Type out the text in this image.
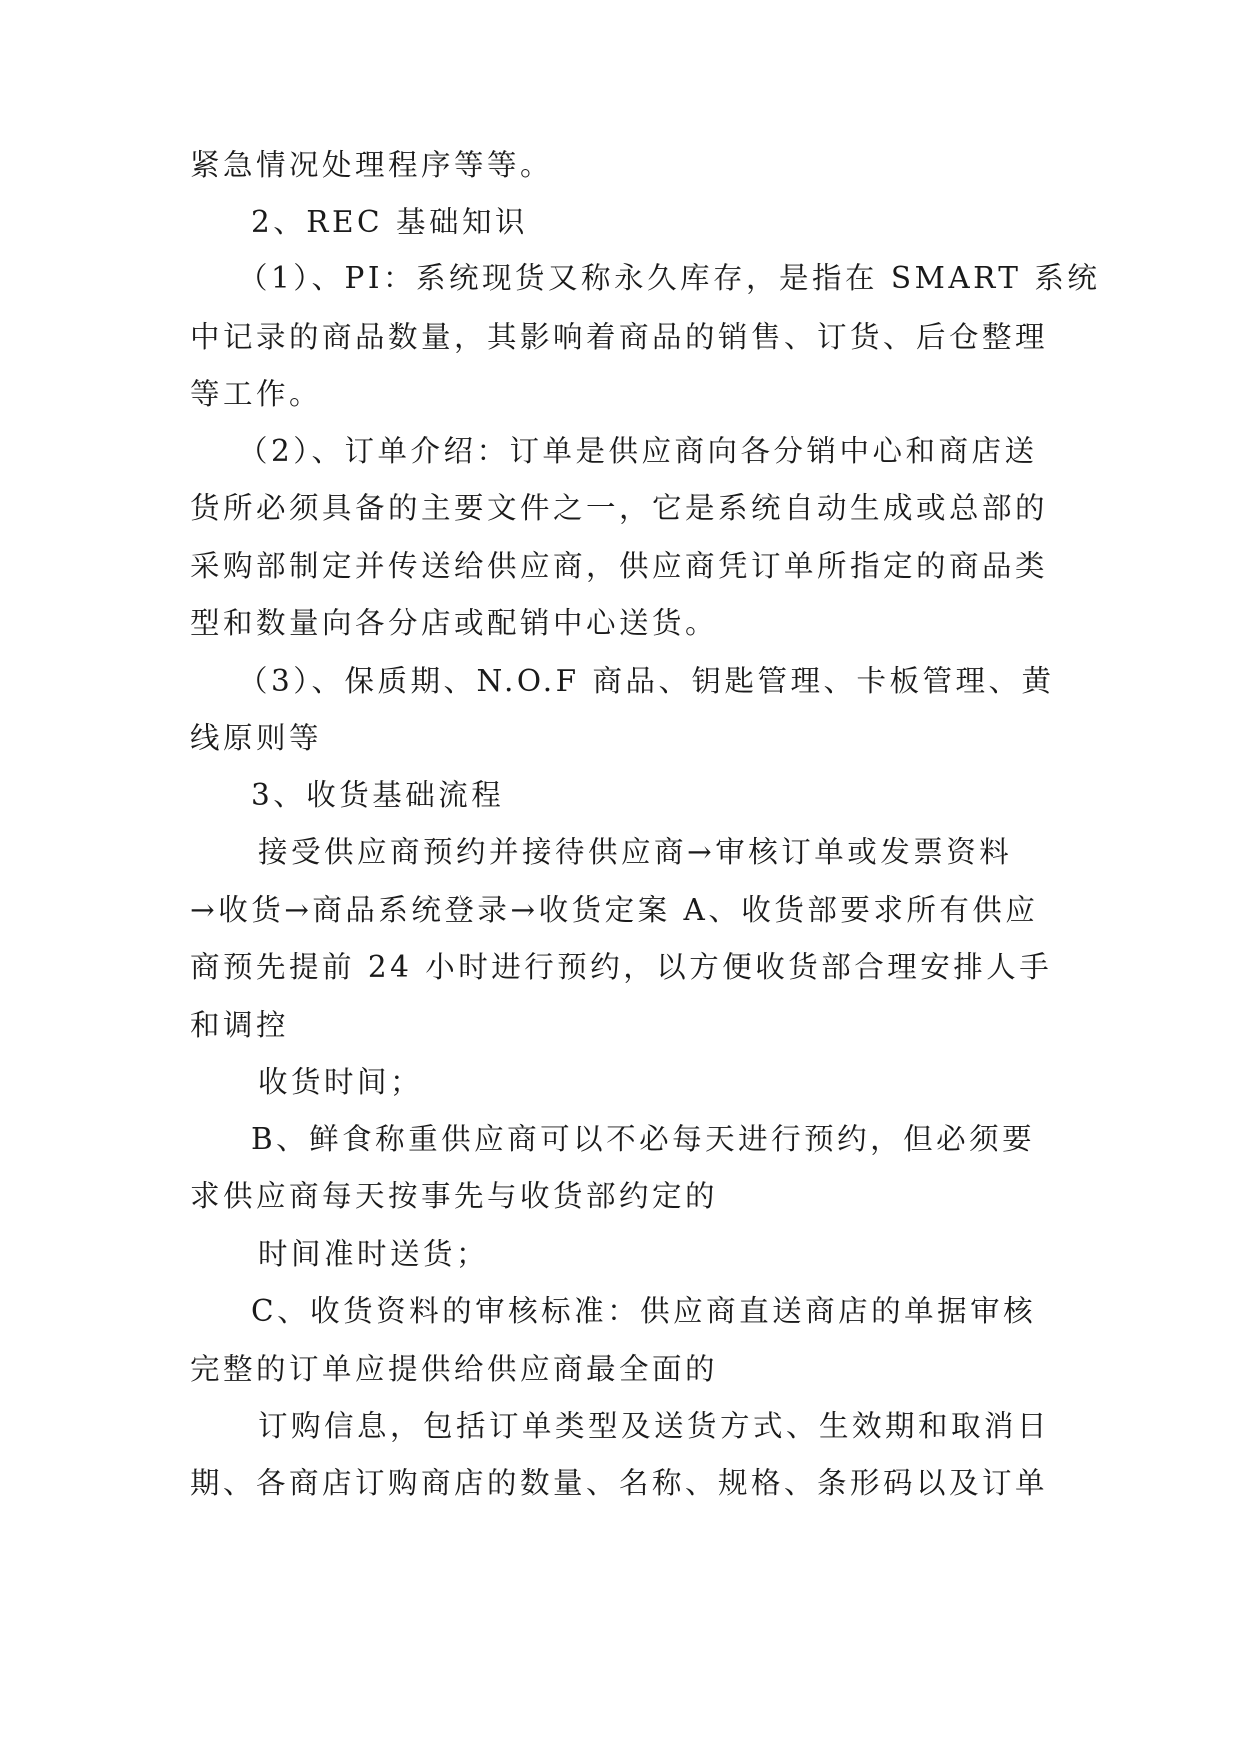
紧急情况处理程序等等。
2、REC 基础知识
（1）、PI：系统现货又称永久库存，是指在 SMART 系统
中记录的商品数量，其影响着商品的销售、订货、后仓整理
等工作。
（2）、订单介绍：订单是供应商向各分销中心和商店送
货所必须具备的主要文件之一，它是系统自动生成或总部的
采购部制定并传送给供应商，供应商凭订单所指定的商品类
型和数量向各分店或配销中心送货。
（3）、保质期、N.O.F 商品、钥匙管理、卡板管理、黄
线原则等
3、收货基础流程
接受供应商预约并接待供应商→审核订单或发票资料
→收货→商品系统登录→收货定案 A、收货部要求所有供应
商预先提前 24 小时进行预约，以方便收货部合理安排人手
和调控
收货时间；
B、鲜食称重供应商可以不必每天进行预约，但必须要
求供应商每天按事先与收货部约定的
时间准时送货；
C、收货资料的审核标准：供应商直送商店的单据审核
完整的订单应提供给供应商最全面的
订购信息，包括订单类型及送货方式、生效期和取消日
期、各商店订购商店的数量、名称、规格、条形码以及订单
